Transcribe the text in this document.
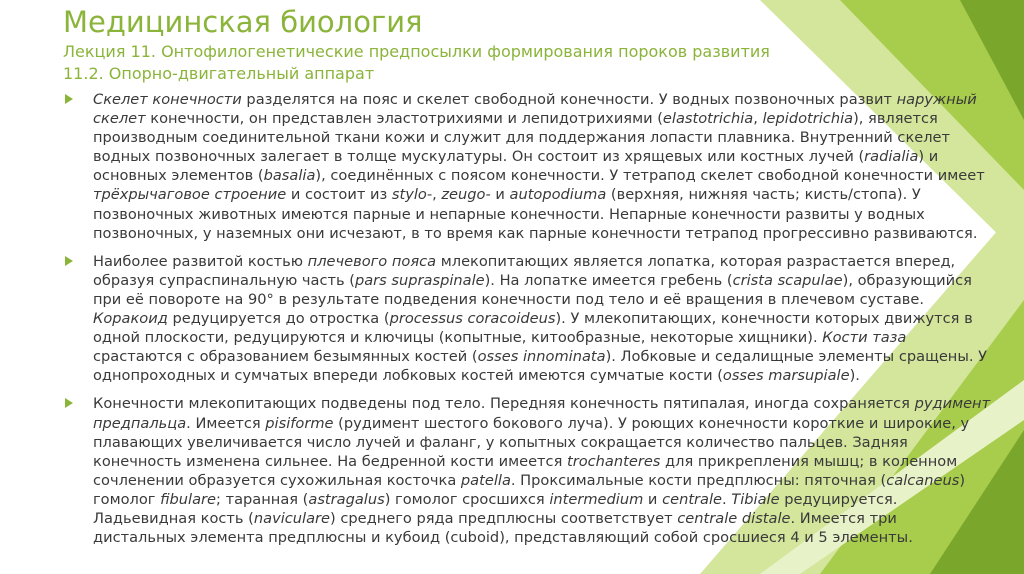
Медицинская биология
Лекция 11. Онтофилогенетические предпосылки формирования пороков развития
11.2. Опорно-двигательный аппарат
Скелет конечности разделятся на пояс и скелет свободной конечности. У водных позвоночных развит наружный
скелет конечности, он представлен эластотрихиями и лепидотрихиями (elastotrichia, lepidotrichia), является
производным соединительной ткани кожи и служит для поддержания лопасти плавника. Внутренний скелет
водных позвоночных залегает в толще мускулатуры. Он состоит из хрящевых или костных лучей (radialia) и
основных элементов (basalia), соединённых с поясом конечности. У тетрапод скелет свободной конечности имеет
трёхрычаговое строение и состоит из stylo-, zeugo- и autopodiuma (верхняя, нижняя часть; кисть/стопа). У
позвоночных животных имеются парные и непарные конечности. Непарные конечности развиты у водных
позвоночных, у наземных они исчезают, в то время как парные конечности тетрапод прогрессивно развиваются.
Наиболее развитой костью плечевого пояса млекопитающих является лопатка, которая разрастается вперед,
образуя супраспинальную часть (pars supraspinale). На лопатке имеется гребень (crista scapulae), образующийся
при её повороте на 90° в результате подведения конечности под тело и её вращения в плечевом суставе.
Коракоид редуцируется до отростка (processus coracoideus). У млекопитающих, конечности которых движутся в
одной плоскости, редуцируются и ключицы (копытные, китообразные, некоторые хищники). Кости таза
срастаются с образованием безымянных костей (osses innominata). Лобковые и седалищные элементы сращены. У
однопроходных и сумчатых впереди лобковых костей имеются сумчатые кости (osses marsupiale).
Конечности млекопитающих подведены под тело. Передняя конечность пятипалая, иногда сохраняется рудимент
предпальца. Имеется pisiforme (рудимент шестого бокового луча). У роющих конечности короткие и широкие, у
плавающих увеличивается число лучей и фаланг, у копытных сокращается количество пальцев. Задняя
конечность изменена сильнее. На бедренной кости имеется trochanteres для прикрепления мышц; в коленном
сочленении образуется сухожильная косточка patella. Проксимальные кости предплюсны: пяточная (calcaneus)
гомолог fibulare; таранная (astragalus) гомолог сросшихся intermedium и centrale. Tibiale редуцируется.
Ладьевидная кость (naviculare) среднего ряда предплюсны соответствует centrale distale. Имеется три
дистальных элемента предплюсны и кубоид (cuboid), представляющий собой сросшиеся 4 и 5 элементы.
